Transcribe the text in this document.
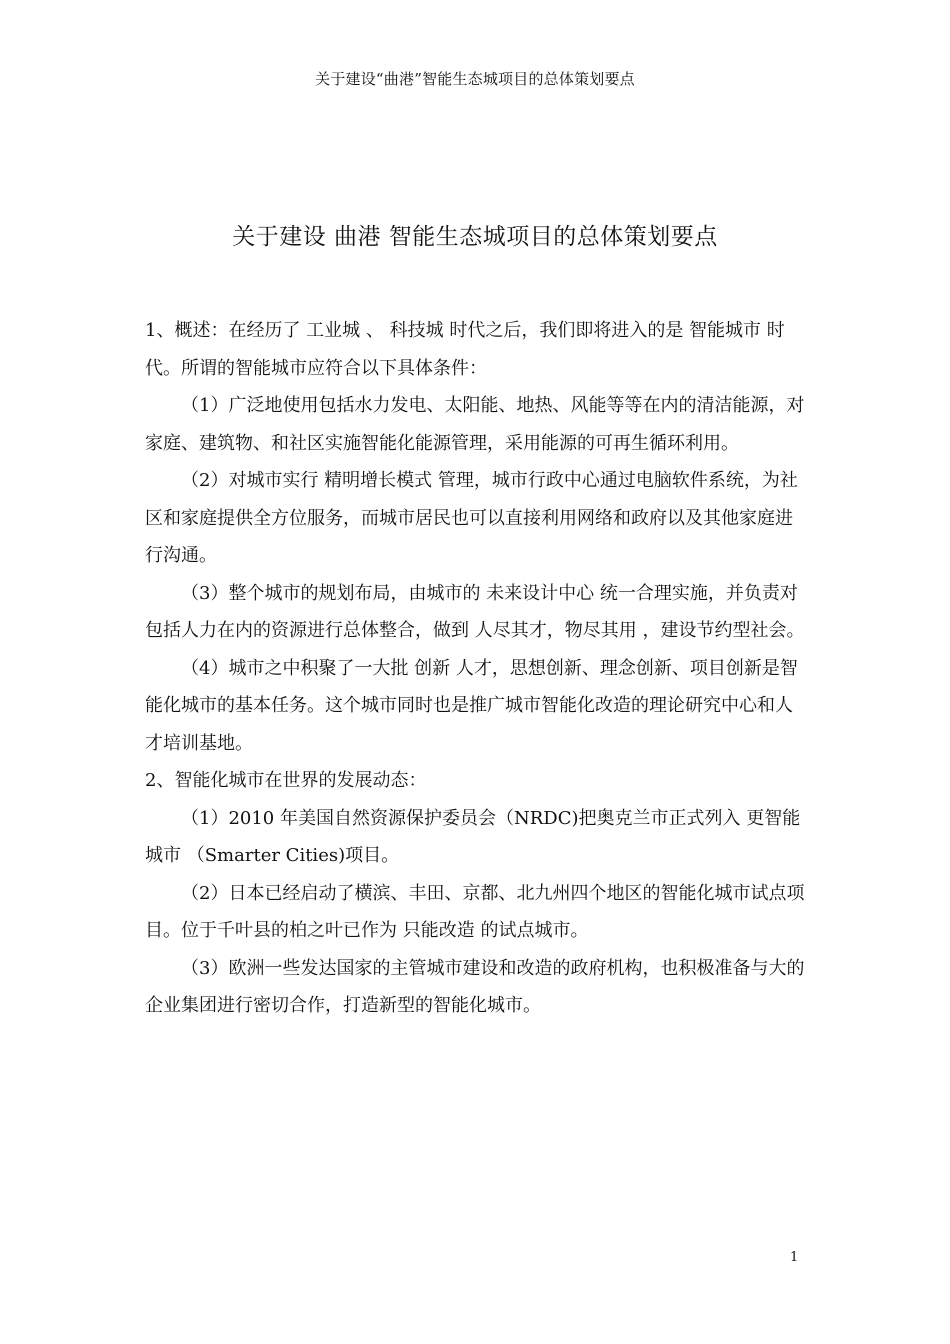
关于建设“曲港”智能生态城项目的总体策划要点
关于建设 曲港 智能生态城项目的总体策划要点

1、概述：在经历了 工业城 、 科技城 时代之后，我们即将进入的是 智能城市 时代。所谓的智能城市应符合以下具体条件：

（1）广泛地使用包括水力发电、太阳能、地热、风能等等在内的清洁能源，对家庭、建筑物、和社区实施智能化能源管理，采用能源的可再生循环利用。

（2）对城市实行 精明增长模式 管理，城市行政中心通过电脑软件系统，为社区和家庭提供全方位服务，而城市居民也可以直接利用网络和政府以及其他家庭进行沟通。

（3）整个城市的规划布局，由城市的 未来设计中心 统一合理实施，并负责对包括人力在内的资源进行总体整合，做到 人尽其才，物尽其用 ，建设节约型社会。

（4）城市之中积聚了一大批 创新 人才，思想创新、理念创新、项目创新是智能化城市的基本任务。这个城市同时也是推广城市智能化改造的理论研究中心和人才培训基地。

2、智能化城市在世界的发展动态：

（1）2010 年美国自然资源保护委员会（NRDC)把奥克兰市正式列入 更智能城市 （Smarter Cities)项目。

（2）日本已经启动了横滨、丰田、京都、北九州四个地区的智能化城市试点项目。位于千叶县的柏之叶已作为 只能改造 的试点城市。

（3）欧洲一些发达国家的主管城市建设和改造的政府机构，也积极准备与大的企业集团进行密切合作，打造新型的智能化城市。

1
